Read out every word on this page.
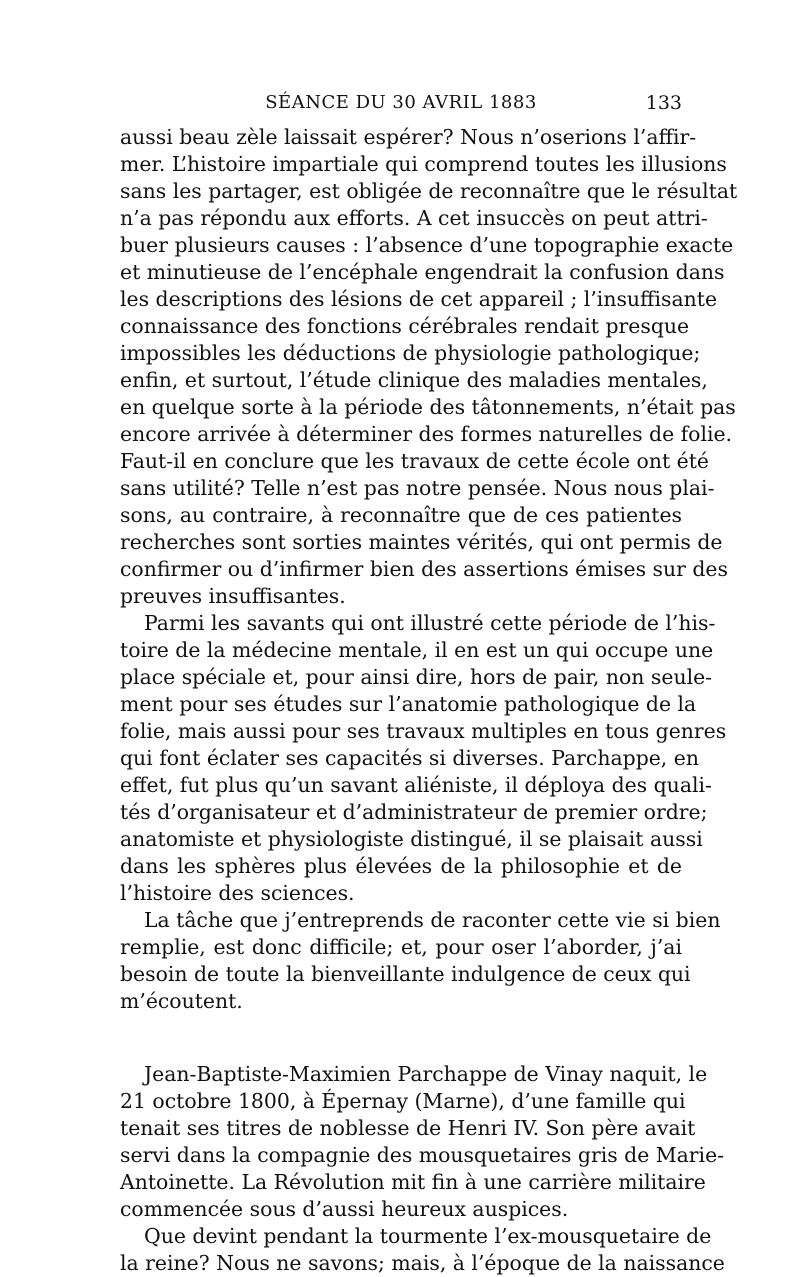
SÉANCE DU 30 AVRIL 1883	133
aussi beau zèle laissait espérer? Nous n’oserions l’affir-
mer. L’histoire impartiale qui comprend toutes les illusions
sans les partager, est obligée de reconnaître que le résultat
n’a pas répondu aux efforts. A cet insuccès on peut attri-
buer plusieurs causes : l’absence d’une topographie exacte
et minutieuse de l’encéphale engendrait la confusion dans
les descriptions des lésions de cet appareil ; l’insuffisante
connaissance des fonctions cérébrales rendait presque
impossibles les déductions de physiologie pathologique;
enfin, et surtout, l’étude clinique des maladies mentales,
en quelque sorte à la période des tâtonnements, n’était pas
encore arrivée à déterminer des formes naturelles de folie.
Faut-il en conclure que les travaux de cette école ont été
sans utilité? Telle n’est pas notre pensée. Nous nous plai-
sons, au contraire, à reconnaître que de ces patientes
recherches sont sorties maintes vérités, qui ont permis de
confirmer ou d’infirmer bien des assertions émises sur des
preuves insuffisantes.
Parmi les savants qui ont illustré cette période de l’his-
toire de la médecine mentale, il en est un qui occupe une
place spéciale et, pour ainsi dire, hors de pair, non seule-
ment pour ses études sur l’anatomie pathologique de la
folie, mais aussi pour ses travaux multiples en tous genres
qui font éclater ses capacités si diverses. Parchappe, en
effet, fut plus qu’un savant aliéniste, il déploya des quali-
tés d’organisateur et d’administrateur de premier ordre;
anatomiste et physiologiste distingué, il se plaisait aussi
dans les sphères plus élevées de la philosophie et de
l’histoire des sciences.
La tâche que j’entreprends de raconter cette vie si bien
remplie, est donc difficile; et, pour oser l’aborder, j’ai
besoin de toute la bienveillante indulgence de ceux qui
m’écoutent.
Jean-Baptiste-Maximien Parchappe de Vinay naquit, le
21 octobre 1800, à Épernay (Marne), d’une famille qui
tenait ses titres de noblesse de Henri IV. Son père avait
servi dans la compagnie des mousquetaires gris de Marie-
Antoinette. La Révolution mit fin à une carrière militaire
commencée sous d’aussi heureux auspices.
Que devint pendant la tourmente l’ex-mousquetaire de
la reine? Nous ne savons; mais, à l’époque de la naissance
